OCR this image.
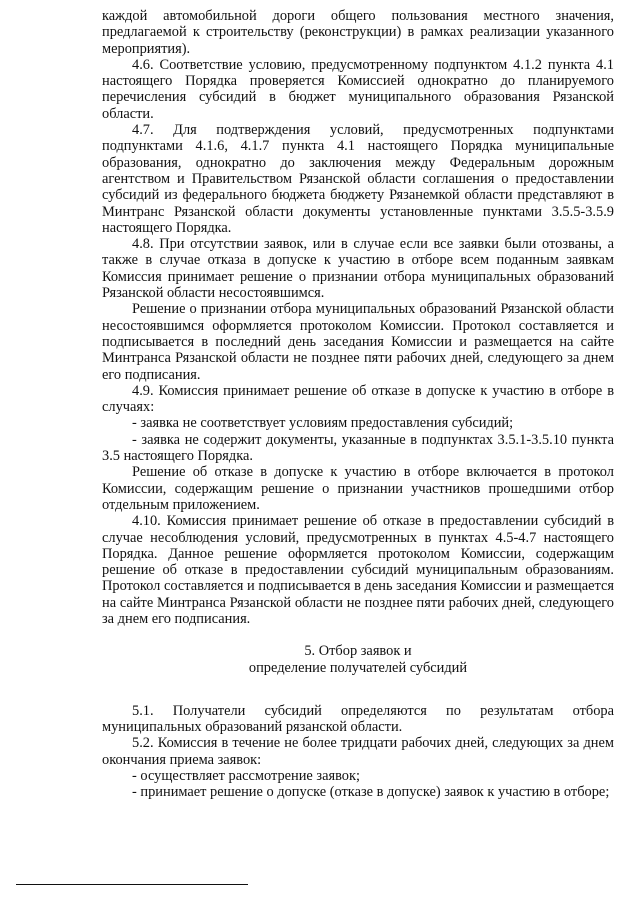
каждой автомобильной дороги общего пользования местного значения, предлагаемой к строительству (реконструкции) в рамках реализации указанного мероприятия).

4.6. Соответствие условию, предусмотренному подпунктом 4.1.2 пункта 4.1 настоящего Порядка проверяется Комиссией однократно до планируемого перечисления субсидий в бюджет муниципального образования Рязанской области.

4.7. Для подтверждения условий, предусмотренных подпунктами подпунктами 4.1.6, 4.1.7 пункта 4.1 настоящего Порядка муниципальные образования, однократно до заключения между Федеральным дорожным агентством и Правительством Рязанской области соглашения о предоставлении субсидий из федерального бюджета бюджету Рязанемкой области представляют в Минтранс Рязанской области документы установленные пунктами 3.5.5-3.5.9 настоящего Порядка.

4.8. При отсутствии заявок, или в случае если все заявки были отозваны, а также в случае отказа в допуске к участию в отборе всем поданным заявкам Комиссия принимает решение о признании отбора муниципальных образований Рязанской области несостоявшимся.

Решение о признании отбора муниципальных образований Рязанской области несостоявшимся оформляется протоколом Комиссии. Протокол составляется и подписывается в последний день заседания Комиссии и размещается на сайте Минтранса Рязанской области не позднее пяти рабочих дней, следующего за днем его подписания.

4.9. Комиссия принимает решение об отказе в допуске к участию в отборе в случаях:

- заявка не соответствует условиям предоставления субсидий;

- заявка не содержит документы, указанные в подпунктах 3.5.1-3.5.10 пункта 3.5 настоящего Порядка.

Решение об отказе в допуске к участию в отборе включается в протокол Комиссии, содержащим решение о признании участников прошедшими отбор отдельным приложением.

4.10. Комиссия принимает решение об отказе в предоставлении субсидий в случае несоблюдения условий, предусмотренных в пунктах 4.5-4.7 настоящего Порядка. Данное решение оформляется протоколом Комиссии, содержащим решение об отказе в предоставлении субсидий муниципальным образованиям. Протокол составляется и подписывается в день заседания Комиссии и размещается на сайте Минтранса Рязанской области не позднее пяти рабочих дней, следующего за днем его подписания.

5. Отбор заявок и

определение получателей субсидий

5.1. Получатели субсидий определяются по результатам отбора муниципальных образований рязанской области.

5.2. Комиссия в течение не более тридцати рабочих дней, следующих за днем окончания приема заявок:

- осуществляет рассмотрение заявок;

- принимает решение о допуске (отказе в допуске) заявок к участию в отборе;
